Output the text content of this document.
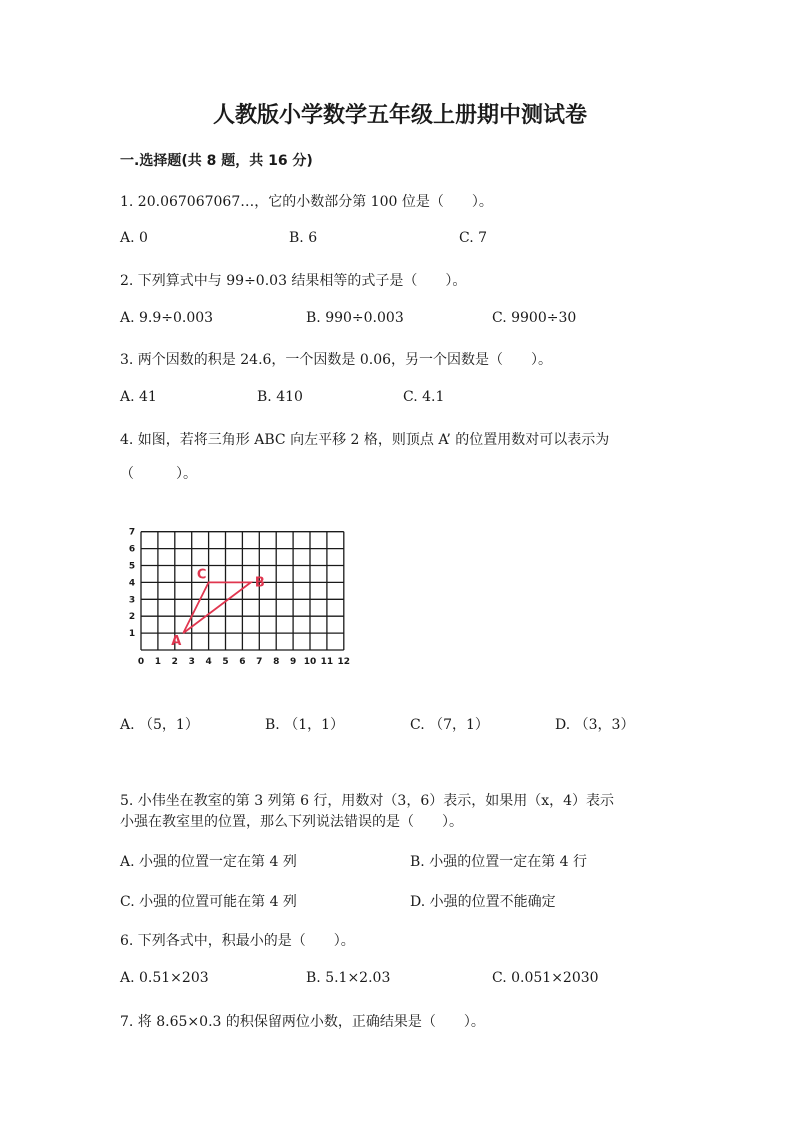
人教版小学数学五年级上册期中测试卷
一.选择题(共 8 题，共 16 分)
1. 20.067067067…，它的小数部分第 100 位是（　　）。
A. 0	B. 6	C. 7
2. 下列算式中与 99÷0.03 结果相等的式子是（　　）。
A. 9.9÷0.003	B. 990÷0.003	C. 9900÷30
3. 两个因数的积是 24.6，一个因数是 0.06，另一个因数是（　　）。
A. 41	B. 410	C. 4.1
4. 如图，若将三角形 ABC 向左平移 2 格，则顶点 A’ 的位置用数对可以表示为
（　　　）。
0 1 2 3 4 5 6 7 8 9 10 11 12
1
2
3
4
5
6
7
A
B
C
A. （5，1）	B. （1，1）	C. （7，1）	D. （3，3）
5. 小伟坐在教室的第 3 列第 6 行，用数对（3，6）表示，如果用（x，4）表示
小强在教室里的位置，那么下列说法错误的是（　　）。
A. 小强的位置一定在第 4 列	B. 小强的位置一定在第 4 行
C. 小强的位置可能在第 4 列	D. 小强的位置不能确定
6. 下列各式中，积最小的是（　　）。
A. 0.51×203	B. 5.1×2.03	C. 0.051×2030
7. 将 8.65×0.3 的积保留两位小数，正确结果是（　　）。
